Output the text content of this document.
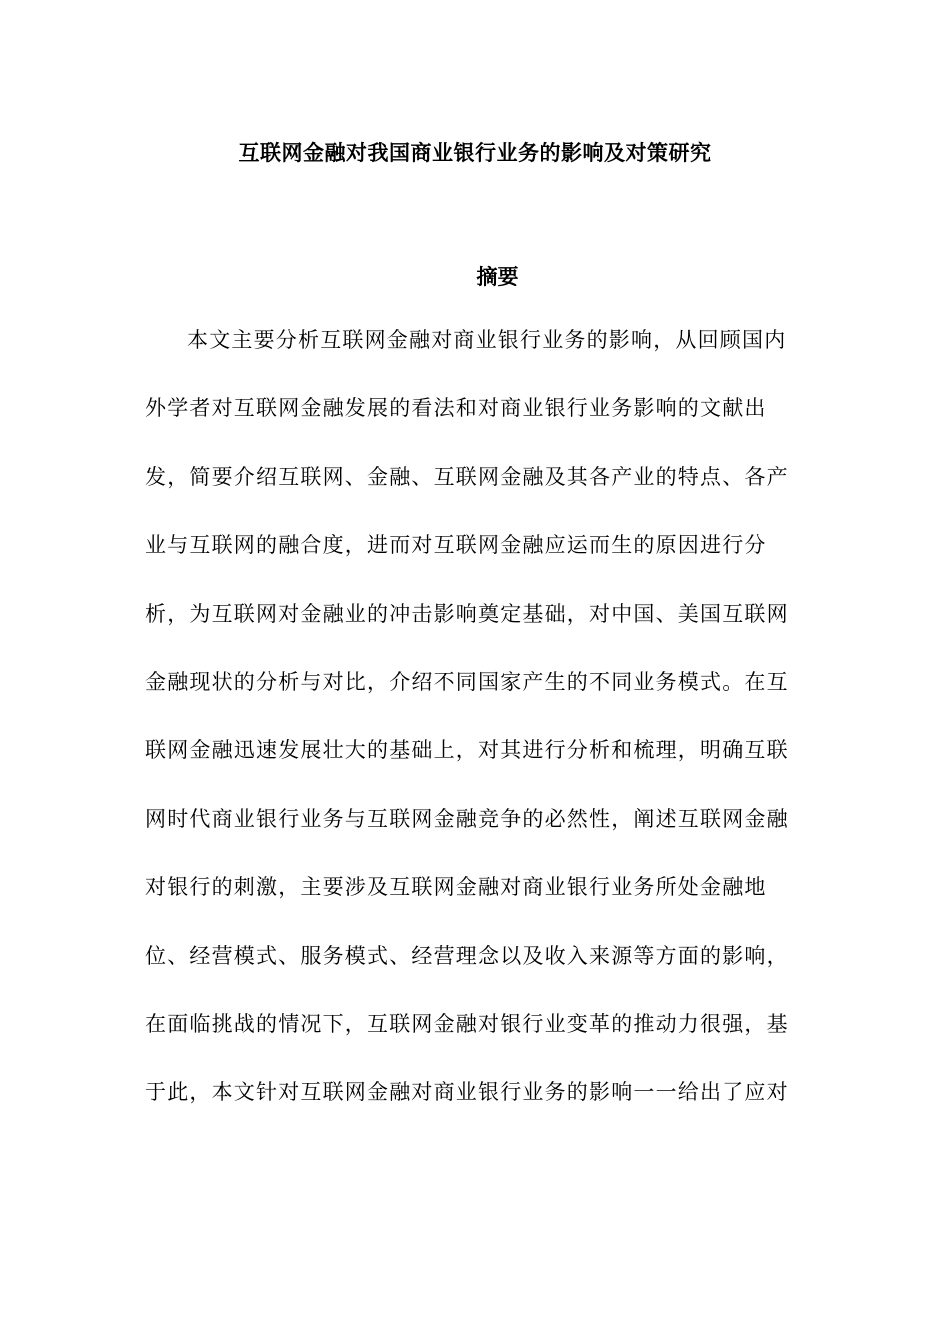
互联网金融对我国商业银行业务的影响及对策研究
摘要
本文主要分析互联网金融对商业银行业务的影响，从回顾国内
外学者对互联网金融发展的看法和对商业银行业务影响的文献出
发，简要介绍互联网、金融、互联网金融及其各产业的特点、各产
业与互联网的融合度，进而对互联网金融应运而生的原因进行分
析，为互联网对金融业的冲击影响奠定基础，对中国、美国互联网
金融现状的分析与对比，介绍不同国家产生的不同业务模式。在互
联网金融迅速发展壮大的基础上，对其进行分析和梳理，明确互联
网时代商业银行业务与互联网金融竞争的必然性，阐述互联网金融
对银行的刺激，主要涉及互联网金融对商业银行业务所处金融地
位、经营模式、服务模式、经营理念以及收入来源等方面的影响，
在面临挑战的情况下，互联网金融对银行业变革的推动力很强，基
于此，本文针对互联网金融对商业银行业务的影响一一给出了应对
